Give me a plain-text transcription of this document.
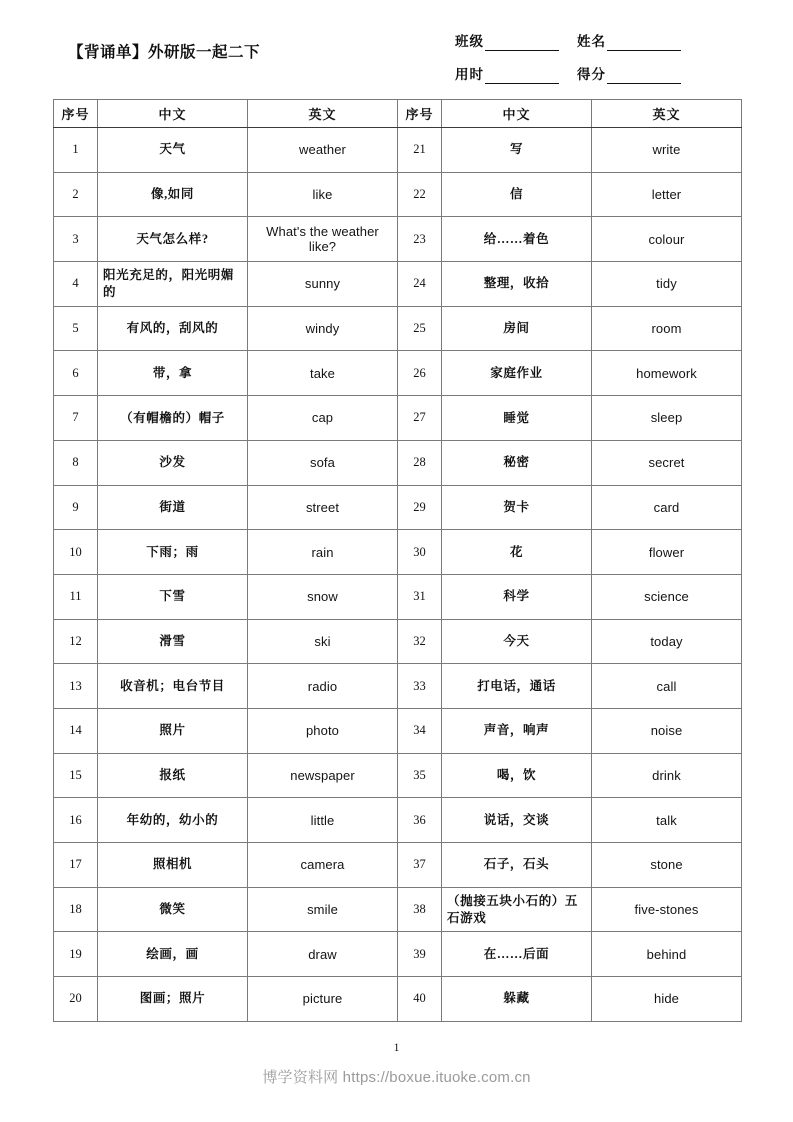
【背诵单】外研版一起二下
班级	姓名
用时	得分
序号	中文	英文	序号	中文	英文

1	天气	weather	21	写	write
2	像,如同	like	22	信	letter
3	天气怎么样?	What's the weather like?	23	给……着色	colour
4	阳光充足的，阳光明媚的	sunny	24	整理，收拾	tidy
5	有风的，刮风的	windy	25	房间	room
6	带，拿	take	26	家庭作业	homework
7	（有帽檐的）帽子	cap	27	睡觉	sleep
8	沙发	sofa	28	秘密	secret
9	街道	street	29	贺卡	card
10	下雨；雨	rain	30	花	flower
11	下雪	snow	31	科学	science
12	滑雪	ski	32	今天	today
13	收音机；电台节目	radio	33	打电话，通话	call
14	照片	photo	34	声音，响声	noise
15	报纸	newspaper	35	喝，饮	drink
16	年幼的，幼小的	little	36	说话，交谈	talk
17	照相机	camera	37	石子，石头	stone
18	微笑	smile	38	（抛接五块小石的）五石游戏	five-stones
19	绘画，画	draw	39	在……后面	behind
20	图画；照片	picture	40	躲藏	hide
1
博学资料网 https://boxue.ituoke.com.cn
